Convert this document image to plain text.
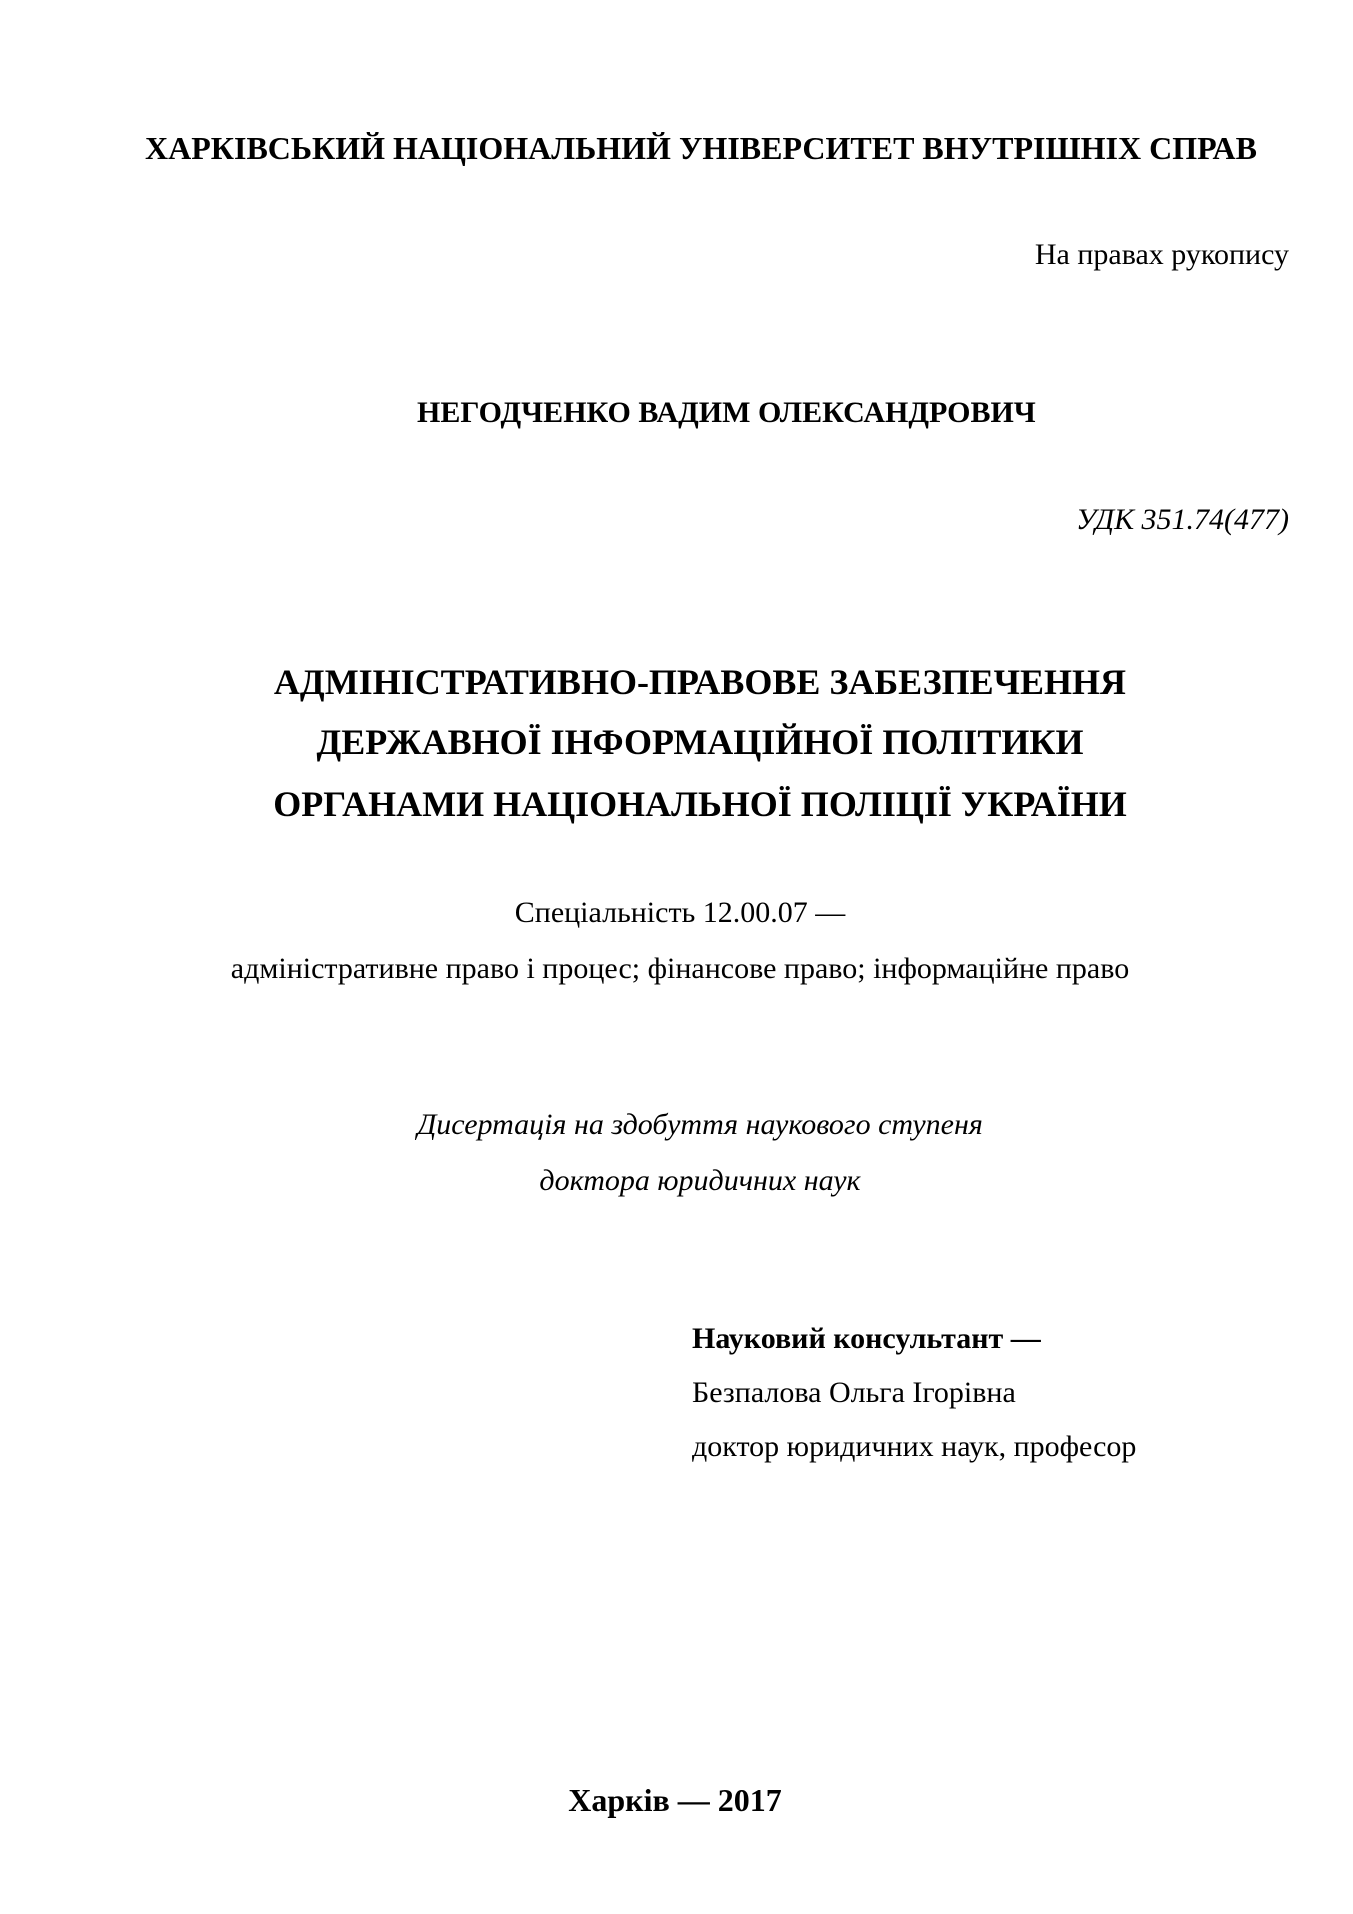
ХАРКІВСЬКИЙ НАЦІОНАЛЬНИЙ УНІВЕРСИТЕТ ВНУТРІШНІХ СПРАВ

На правах рукопису

НЕГОДЧЕНКО ВАДИМ ОЛЕКСАНДРОВИЧ

УДК 351.74(477)

АДМІНІСТРАТИВНО-ПРАВОВЕ ЗАБЕЗПЕЧЕННЯ

ДЕРЖАВНОЇ ІНФОРМАЦІЙНОЇ ПОЛІТИКИ

ОРГАНАМИ НАЦІОНАЛЬНОЇ ПОЛІЦІЇ УКРАЇНИ

Спеціальність 12.00.07 —

адміністративне право і процес; фінансове право; інформаційне право

Дисертація на здобуття наукового ступеня

доктора юридичних наук

Науковий консультант —

Безпалова Ольга Ігорівна

доктор юридичних наук, професор

Харків — 2017
